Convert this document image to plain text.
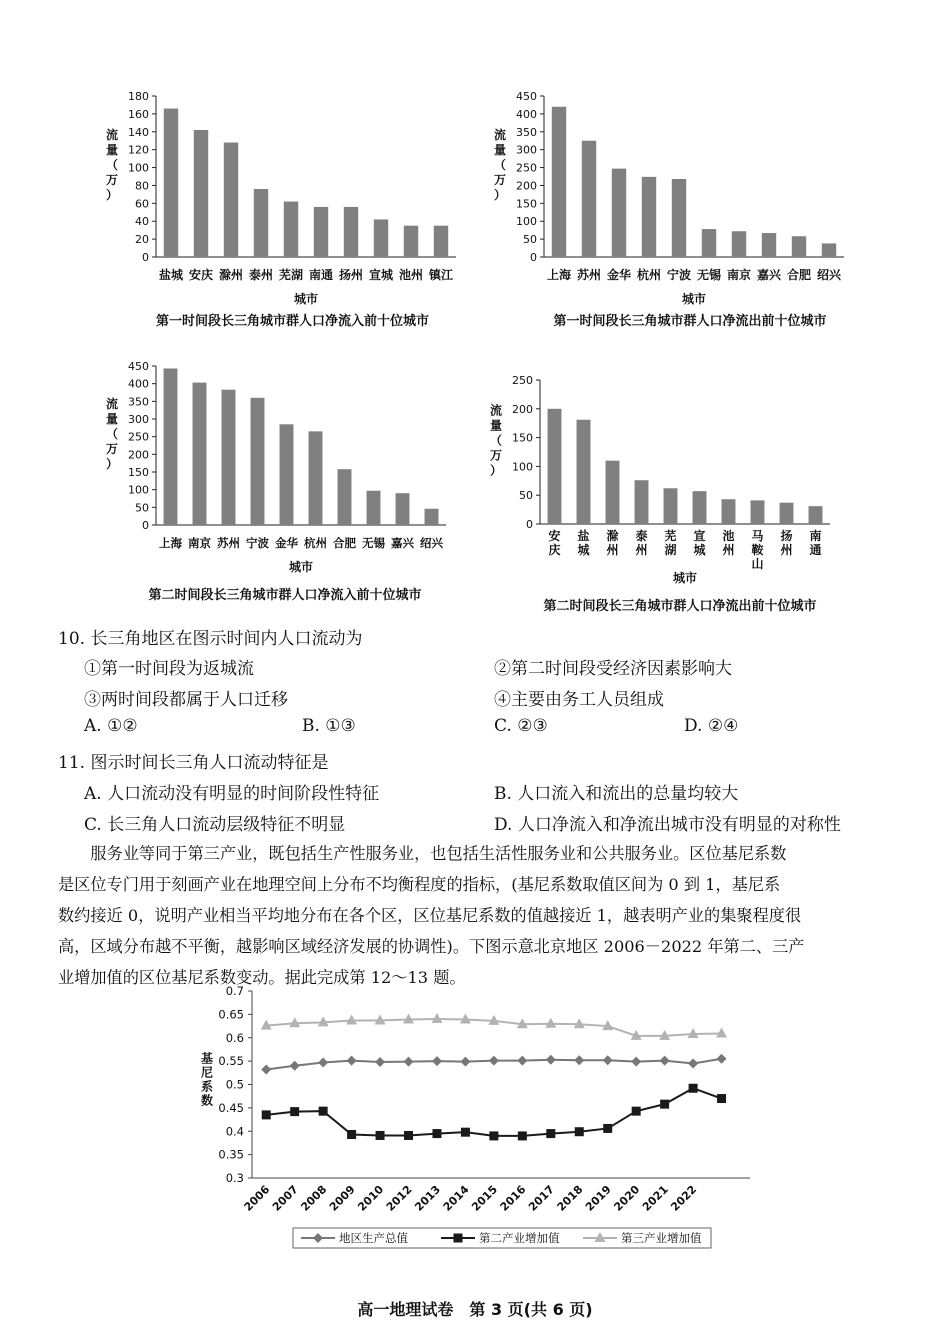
0
20
40
60
80
100
120
140
160
180
流量（万）
盐城 安庆 滁州 泰州 芜湖 南通 扬州 宣城 池州 镇江
城市
第一时间段长三角城市群人口净流入前十位城市
0
50
100
150
200
250
300
350
400
450
流量（万）
上海 苏州 金华 杭州 宁波 无锡 南京 嘉兴 合肥 绍兴
城市
第一时间段长三角城市群人口净流出前十位城市
0
50
100
150
200
250
300
350
400
450
流量（万）
上海 南京 苏州 宁波 金华 杭州 合肥 无锡 嘉兴 绍兴
城市
第二时间段长三角城市群人口净流入前十位城市
0
50
100
150
200
250
流量（万）
安庆
盐城
滁州
泰州
芜湖
宣城
池州
马鞍山
扬州
南通
城市
第二时间段长三角城市群人口净流出前十位城市
10. 长三角地区在图示时间内人口流动为
①第一时间段为返城流	②第二时间段受经济因素影响大
③两时间段都属于人口迁移	④主要由务工人员组成
A. ①②	B. ①③	C. ②③	D. ②④
11. 图示时间长三角人口流动特征是
A. 人口流动没有明显的时间阶段性特征	B. 人口流入和流出的总量均较大
C. 长三角人口流动层级特征不明显	D. 人口净流入和净流出城市没有明显的对称性
　　服务业等同于第三产业，既包括生产性服务业，也包括生活性服务业和公共服务业。区位基尼系数
是区位专门用于刻画产业在地理空间上分布不均衡程度的指标，(基尼系数取值区间为 0 到 1，基尼系
数约接近 0，说明产业相当平均地分布在各个区，区位基尼系数的值越接近 1，越表明产业的集聚程度很
高，区域分布越不平衡，越影响区域经济发展的协调性)。下图示意北京地区 2006－2022 年第二、三产
业增加值的区位基尼系数变动。据此完成第 12～13 题。
0.3
0.35
0.4
0.45
0.5
0.55
0.6
0.65
0.7
基尼系数
2006
2007
2008
2009
2010
2012
2013
2014
2015
2016
2017
2018
2019
2020
2021
2022
地区生产总值	第二产业增加值	第三产业增加值
高一地理试卷　第 3 页(共 6 页)
